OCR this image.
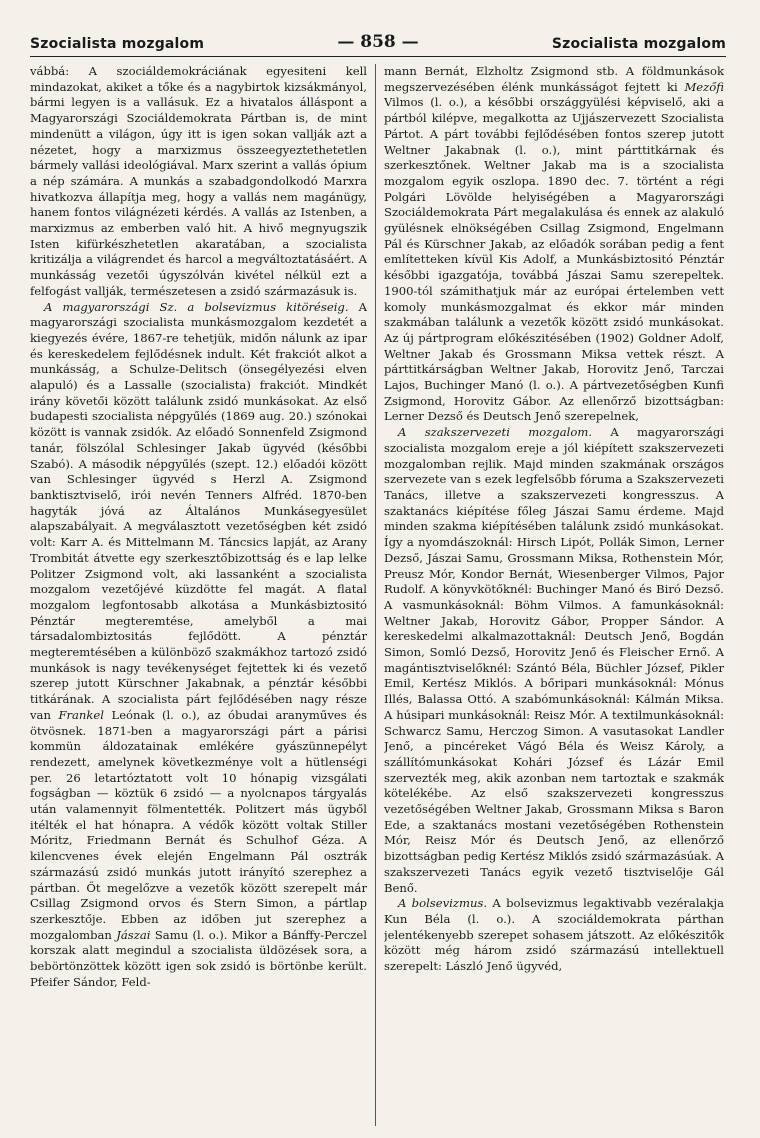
Szocialista mozgalom	— 858 —	Szocialista mozgalom

vábbá: A szociáldemokráciának egyesiteni kell mindazokat, akiket a tőke és a nagybirtok kizsákmányol, bármi legyen is a vallásuk. Ez a hivatalos álláspont a Magyarországi Szociáldemokrata Pártban is, de mint mindenütt a világon, úgy itt is igen sokan vallják azt a nézetet, hogy a marxizmus összeegyeztethetetlen bármely vallási ideológiával. Marx szerint a vallás ópium a nép számára. A munkás a szabadgondolkodó Marxra hivatkozva állapítja meg, hogy a vallás nem magánügy, hanem fontos világnézeti kérdés. A vallás az Istenben, a marxizmus az emberben való hit. A hivő megnyugszik Isten kifürkészhetetlen akaratában, a szocialista kritizálja a világrendet és harcol a megváltoztatásáért. A munkásság vezetői úgyszólván kivétel nélkül ezt a felfogást vallják, természetesen a zsidó származásuk is.

A magyarországi Sz. a bolsevizmus kitöréseig. A magyarországi szocialista munkásmozgalom kezdetét a kiegyezés évére, 1867-re tehetjük, midőn nálunk az ipar és kereskedelem fejlődésnek indult. Két frakciót alkot a munkásság, a Schulze-Delitsch (önsegélyezési elven alapuló) és a Lassalle (szocialista) frakciót. Mindkét irány követői között találunk zsidó munkásokat. Az első budapesti szocialista népgyűlés (1869 aug. 20.) szónokai között is vannak zsidók. Az előadó Sonnenfeld Zsigmond tanár, fölszólal Schlesinger Jakab ügyvéd (későbbi Szabó). A második népgyűlés (szept. 12.) előadói között van Schlesinger ügyvéd s Herzl A. Zsigmond banktisztviselő, irói nevén Tenners Alfréd. 1870-ben hagyták jóvá az Általános Munkásegyesület alapszabályait. A megválasztott vezetőségben két zsidó volt: Karr A. és Mittelmann M. Táncsics lapját, az Arany Trombitát átvette egy szerkesztőbizottság és e lap lelke Politzer Zsigmond volt, aki lassanként a szocialista mozgalom vezetőjévé küzdötte fel magát. A flatal mozgalom legfontosabb alkotása a Munkásbiztositó Pénztár megteremtése, amelyből a mai társadalombiztositás fejlődött. A pénztár megteremtésében a különböző szakmákhoz tartozó zsidó munkások is nagy tevékenységet fejtettek ki és vezető szerep jutott Kürschner Jakabnak, a pénztár későbbi titkárának. A szocialista párt fejlődésében nagy része van Frankel Leónak (l. o.), az óbudai aranyműves és ötvösnek. 1871-ben a magyarországi párt a párisi kommün áldozatainak emlékére gyászünnepélyt rendezett, amelynek következménye volt a hütlenségi per. 26 letartóztatott volt 10 hónapig vizsgálati fogságban — köztük 6 zsidó — a nyolcnapos tárgyalás után valamennyit fölmentették. Politzert más ügyből itélték el hat hónapra. A védők között voltak Stiller Móritz, Friedmann Bernát és Schulhof Géza. A kilencvenes évek elején Engelmann Pál osztrák származású zsidó munkás jutott irányító szerephez a pártban. Őt megelőzve a vezetők között szerepelt már Csillag Zsigmond orvos és Stern Simon, a pártlap szerkesztője. Ebben az időben jut szerephez a mozgalomban Jászai Samu (l. o.). Mikor a Bánffy-Perczel korszak alatt megindul a szocialista üldözések sora, a bebörtönzöttek között igen sok zsidó is börtönbe került. Pfeifer Sándor, Feld-

mann Bernát, Elzholtz Zsigmond stb. A földmunkások megszervezésében élénk munkásságot fejtett ki Mezőfi Vilmos (l. o.), a későbbi országgyülési képviselő, aki a pártból kilépve, megalkotta az Ujjászervezett Szocialista Pártot. A párt további fejlődésében fontos szerep jutott Weltner Jakabnak (l. o.), mint párttitkárnak és szerkesztőnek. Weltner Jakab ma is a szocialista mozgalom egyik oszlopa. 1890 dec. 7. történt a régi Polgári Lövölde helyiségében a Magyarországi Szociáldemokrata Párt megalakulása és ennek az alakuló gyülésnek elnökségében Csillag Zsigmond, Engelmann Pál és Kürschner Jakab, az előadók sorában pedig a fent említetteken kívül Kis Adolf, a Munkásbiztositó Pénztár későbbi igazgatója, továbbá Jászai Samu szerepeltek. 1900-tól számithatjuk már az európai értelemben vett komoly munkásmozgalmat és ekkor már minden szakmában találunk a vezetők között zsidó munkásokat. Az új pártprogram előkészitésében (1902) Goldner Adolf, Weltner Jakab és Grossmann Miksa vettek részt. A párttitkárságban Weltner Jakab, Horovitz Jenő, Tarczai Lajos, Buchinger Manó (l. o.). A pártvezetőségben Kunfi Zsigmond, Horovitz Gábor. Az ellenőrző bizottságban: Lerner Dezső és Deutsch Jenő szerepelnek,

A szakszervezeti mozgalom. A magyarországi szocialista mozgalom ereje a jól kiépített szakszervezeti mozgalomban rejlik. Majd minden szakmának országos szervezete van s ezek legfelsőbb fóruma a Szakszervezeti Tanács, illetve a szakszervezeti kongresszus. A szaktanács kiépítése főleg Jászai Samu érdeme. Majd minden szakma kiépítésében találunk zsidó munkásokat. Így a nyomdászoknál: Hirsch Lipót, Pollák Simon, Lerner Dezső, Jászai Samu, Grossmann Miksa, Rothenstein Mór, Preusz Mór, Kondor Bernát, Wiesenberger Vilmos, Pajor Rudolf. A könyvkötőknél: Buchinger Manó és Biró Dezső. A vasmunkásoknál: Böhm Vilmos. A famunkásoknál: Weltner Jakab, Horovitz Gábor, Propper Sándor. A kereskedelmi alkalmazottaknál: Deutsch Jenő, Bogdán Simon, Somló Dezső, Horovitz Jenő és Fleischer Ernő. A magántisztviselőknél: Szántó Béla, Büchler József, Pikler Emil, Kertész Miklós. A bőripari munkásoknál: Mónus Illés, Balassa Ottó. A szabómunkásoknál: Kálmán Miksa. A húsipari munkásoknál: Reisz Mór. A textilmunkásoknál: Schwarcz Samu, Herczog Simon. A vasutasokat Landler Jenő, a pincéreket Vágó Béla és Weisz Károly, a szállítómunkásokat Kohári József és Lázár Emil szervezték meg, akik azonban nem tartoztak e szakmák kötelékébe. Az első szakszervezeti kongresszus vezetőségében Weltner Jakab, Grossmann Miksa s Baron Ede, a szaktanács mostani vezetőségében Rothenstein Mór, Reisz Mór és Deutsch Jenő, az ellenőrző bizottságban pedig Kertész Miklós zsidó származásúak. A szakszervezeti Tanács egyik vezető tisztviselője Gál Benő.

A bolsevizmus. A bolsevizmus legaktivabb vezéralakja Kun Béla (l. o.). A szociáldemokrata párthan jelentékenyebb szerepet sohasem játszott. Az előkészitők között még három zsidó származású intellektuell szerepelt: László Jenő ügyvéd,
